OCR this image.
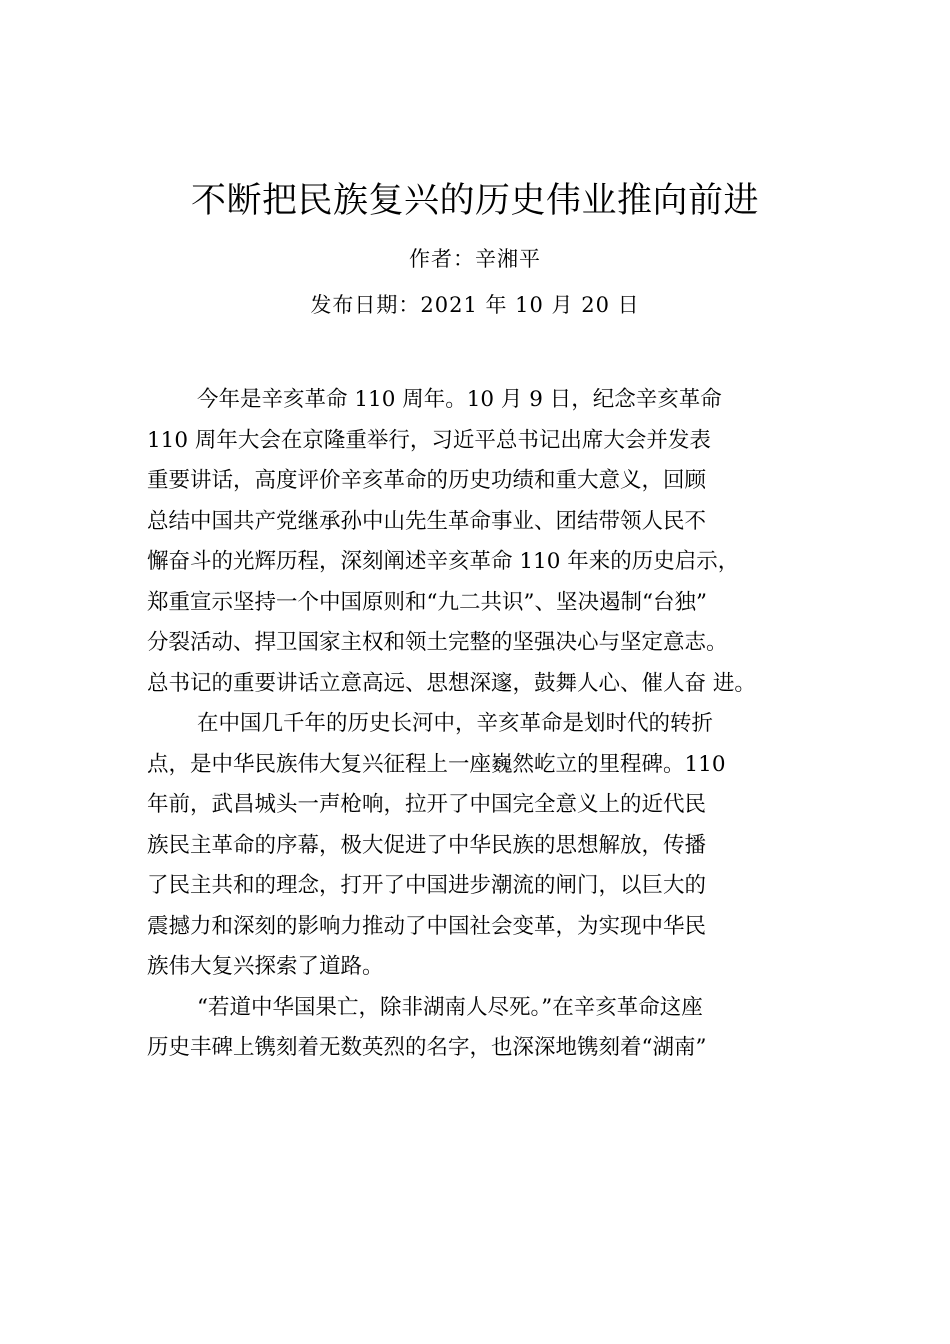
不断把民族复兴的历史伟业推向前进
作者：辛湘平
发布日期：2021 年 10 月 20 日
今年是辛亥革命 110 周年。10 月 9 日，纪念辛亥革命
110 周年大会在京隆重举行，习近平总书记出席大会并发表
重要讲话，高度评价辛亥革命的历史功绩和重大意义，回顾
总结中国共产党继承孙中山先生革命事业、团结带领人民不
懈奋斗的光辉历程，深刻阐述辛亥革命 110 年来的历史启示，
郑重宣示坚持一个中国原则和“九二共识”、坚决遏制“台独”
分裂活动、捍卫国家主权和领土完整的坚强决心与坚定意志。
总书记的重要讲话立意高远、思想深邃，鼓舞人心、催人奋 进。
在中国几千年的历史长河中，辛亥革命是划时代的转折
点，是中华民族伟大复兴征程上一座巍然屹立的里程碑。110
年前，武昌城头一声枪响，拉开了中国完全意义上的近代民
族民主革命的序幕，极大促进了中华民族的思想解放，传播
了民主共和的理念，打开了中国进步潮流的闸门，以巨大的
震撼力和深刻的影响力推动了中国社会变革，为实现中华民
族伟大复兴探索了道路。
“若道中华国果亡，除非湖南人尽死。”在辛亥革命这座
历史丰碑上镌刻着无数英烈的名字，也深深地镌刻着“湖南”
